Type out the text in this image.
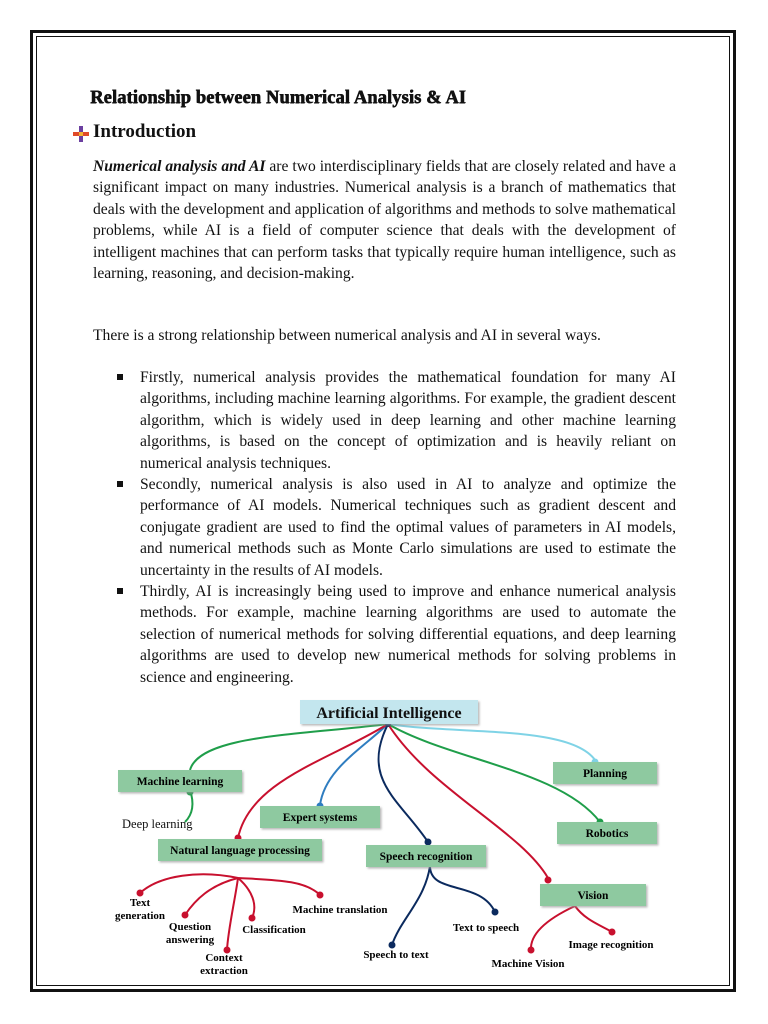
Relationship between Numerical Analysis & AI
Introduction

Numerical analysis and AI are two interdisciplinary fields that are closely related and have a significant impact on many industries. Numerical analysis is a branch of mathematics that deals with the development and application of algorithms and methods to solve mathematical problems, while AI is a field of computer science that deals with the development of intelligent machines that can perform tasks that typically require human intelligence, such as learning, reasoning, and decision-making.

There is a strong relationship between numerical analysis and AI in several ways.

Firstly, numerical analysis provides the mathematical foundation for many AI algorithms, including machine learning algorithms. For example, the gradient descent algorithm, which is widely used in deep learning and other machine learning algorithms, is based on the concept of optimization and is heavily reliant on numerical analysis techniques.
Secondly, numerical analysis is also used in AI to analyze and optimize the performance of AI models. Numerical techniques such as gradient descent and conjugate gradient are used to find the optimal values of parameters in AI models, and numerical methods such as Monte Carlo simulations are used to estimate the uncertainty in the results of AI models.
Thirdly, AI is increasingly being used to improve and enhance numerical analysis methods. For example, machine learning algorithms are used to automate the selection of numerical methods for solving differential equations, and deep learning algorithms are used to develop new numerical methods for solving problems in science and engineering.
Artificial Intelligence
Machine learning
Expert systems
Natural language processing	Speech recognition
Planning
Robotics
Vision
Deep learning
Text
generation
Question
answering
Context
extraction
Classification
Machine translation
Speech to text
Text to speech
Image recognition
Machine Vision
